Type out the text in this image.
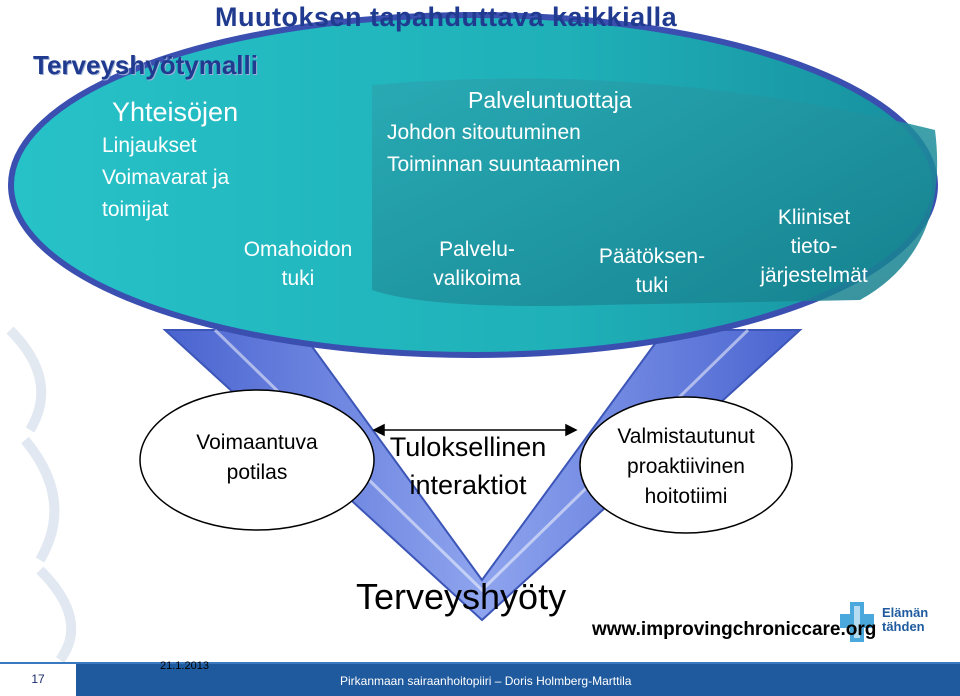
Muutoksen tapahduttava kaikkialla
Terveyshyötymalli
Yhteisöjen
Linjaukset
Voimavarat ja
toimijat
Palveluntuottaja
Johdon sitoutuminen
Toiminnan suuntaaminen
Omahoidon
tuki
Palvelu-
valikoima
Päätöksen-
tuki
Kliiniset
tieto-
järjestelmät
Voimaantuva
potilas
Tuloksellinen
interaktiot
Valmistautunut
proaktiivinen
hoitotiimi
Terveyshyöty
www.improvingchroniccare.org
Elämän
tähden
17
21.1.2013
Pirkanmaan sairaanhoitopiiri – Doris Holmberg-Marttila
